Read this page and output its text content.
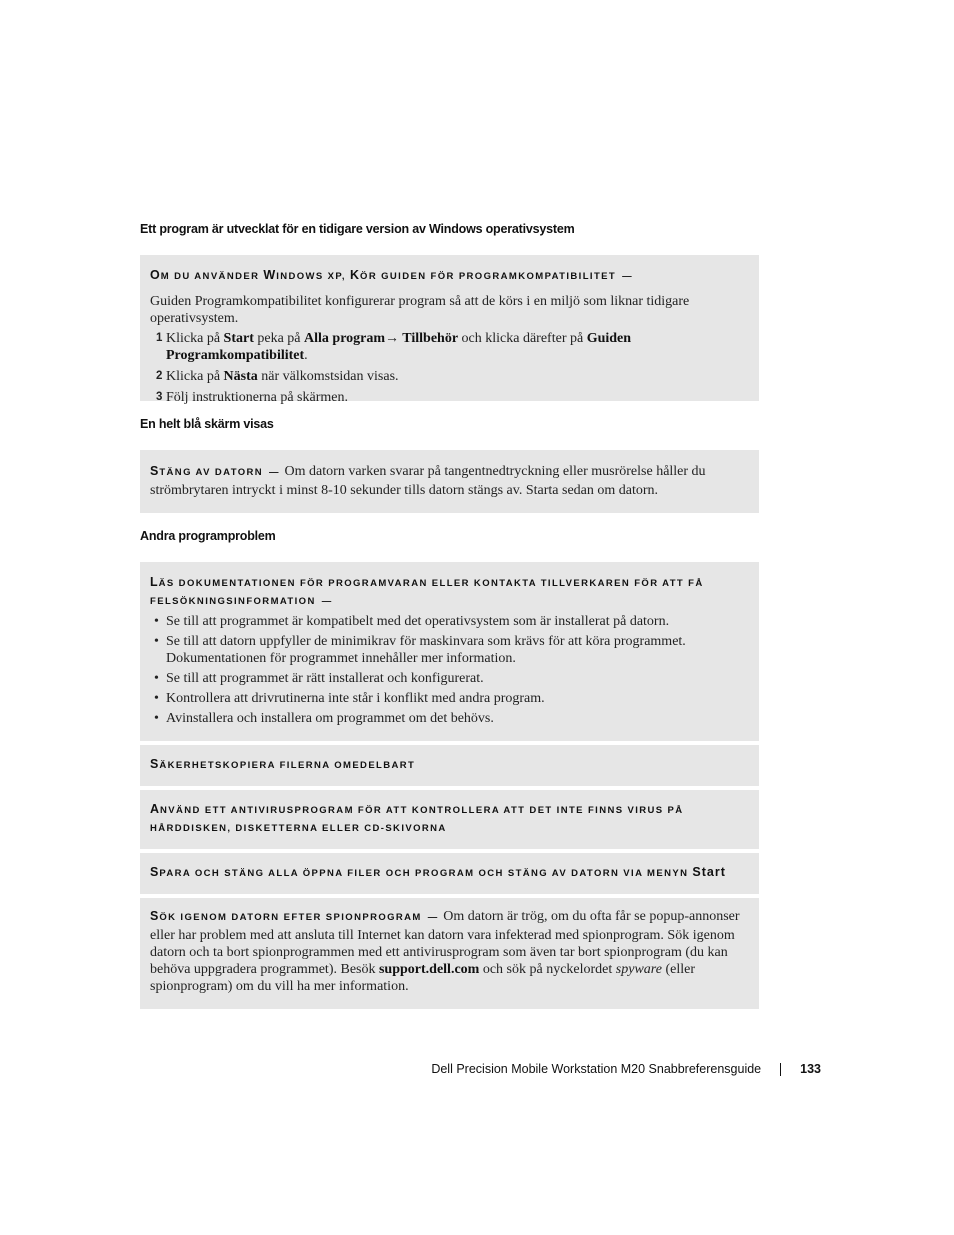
Ett program är utvecklat för en tidigare version av Windows operativsystem
OM DU ANVÄNDER WINDOWS XP, KÖR GUIDEN FÖR PROGRAMKOMPATIBILITET —
Guiden Programkompatibilitet konfigurerar program så att de körs i en miljö som liknar tidigare operativsystem.
1 Klicka på Start peka på Alla program→ Tillbehör och klicka därefter på Guiden Programkompatibilitet.
2 Klicka på Nästa när välkomstsidan visas.
3 Följ instruktionerna på skärmen.
En helt blå skärm visas
STÄNG AV DATORN — Om datorn varken svarar på tangentnedtryckning eller musrörelse håller du strömbrytaren intryckt i minst 8-10 sekunder tills datorn stängs av. Starta sedan om datorn.
Andra programproblem
LÄS DOKUMENTATIONEN FÖR PROGRAMVARAN ELLER KONTAKTA TILLVERKAREN FÖR ATT FÅ FELSÖKNINGSINFORMATION —
• Se till att programmet är kompatibelt med det operativsystem som är installerat på datorn.
• Se till att datorn uppfyller de minimikrav för maskinvara som krävs för att köra programmet. Dokumentationen för programmet innehåller mer information.
• Se till att programmet är rätt installerat och konfigurerat.
• Kontrollera att drivrutinerna inte står i konflikt med andra program.
• Avinstallera och installera om programmet om det behövs.
SÄKERHETSKOPIERA FILERNA OMEDELBART
ANVÄND ETT ANTIVIRUSPROGRAM FÖR ATT KONTROLLERA ATT DET INTE FINNS VIRUS PÅ HÅRDDISKEN, DISKETTERNA ELLER CD-SKIVORNA
SPARA OCH STÄNG ALLA ÖPPNA FILER OCH PROGRAM OCH STÄNG AV DATORN VIA MENYN Start
SÖK IGENOM DATORN EFTER SPIONPROGRAM — Om datorn är trög, om du ofta får se popup-annonser eller har problem med att ansluta till Internet kan datorn vara infekterad med spionprogram. Sök igenom datorn och ta bort spionprogrammen med ett antivirusprogram som även tar bort spionprogram (du kan behöva uppgradera programmet). Besök support.dell.com och sök på nyckelordet spyware (eller spionprogram) om du vill ha mer information.
Dell Precision Mobile Workstation M20 Snabbreferensguide	133
